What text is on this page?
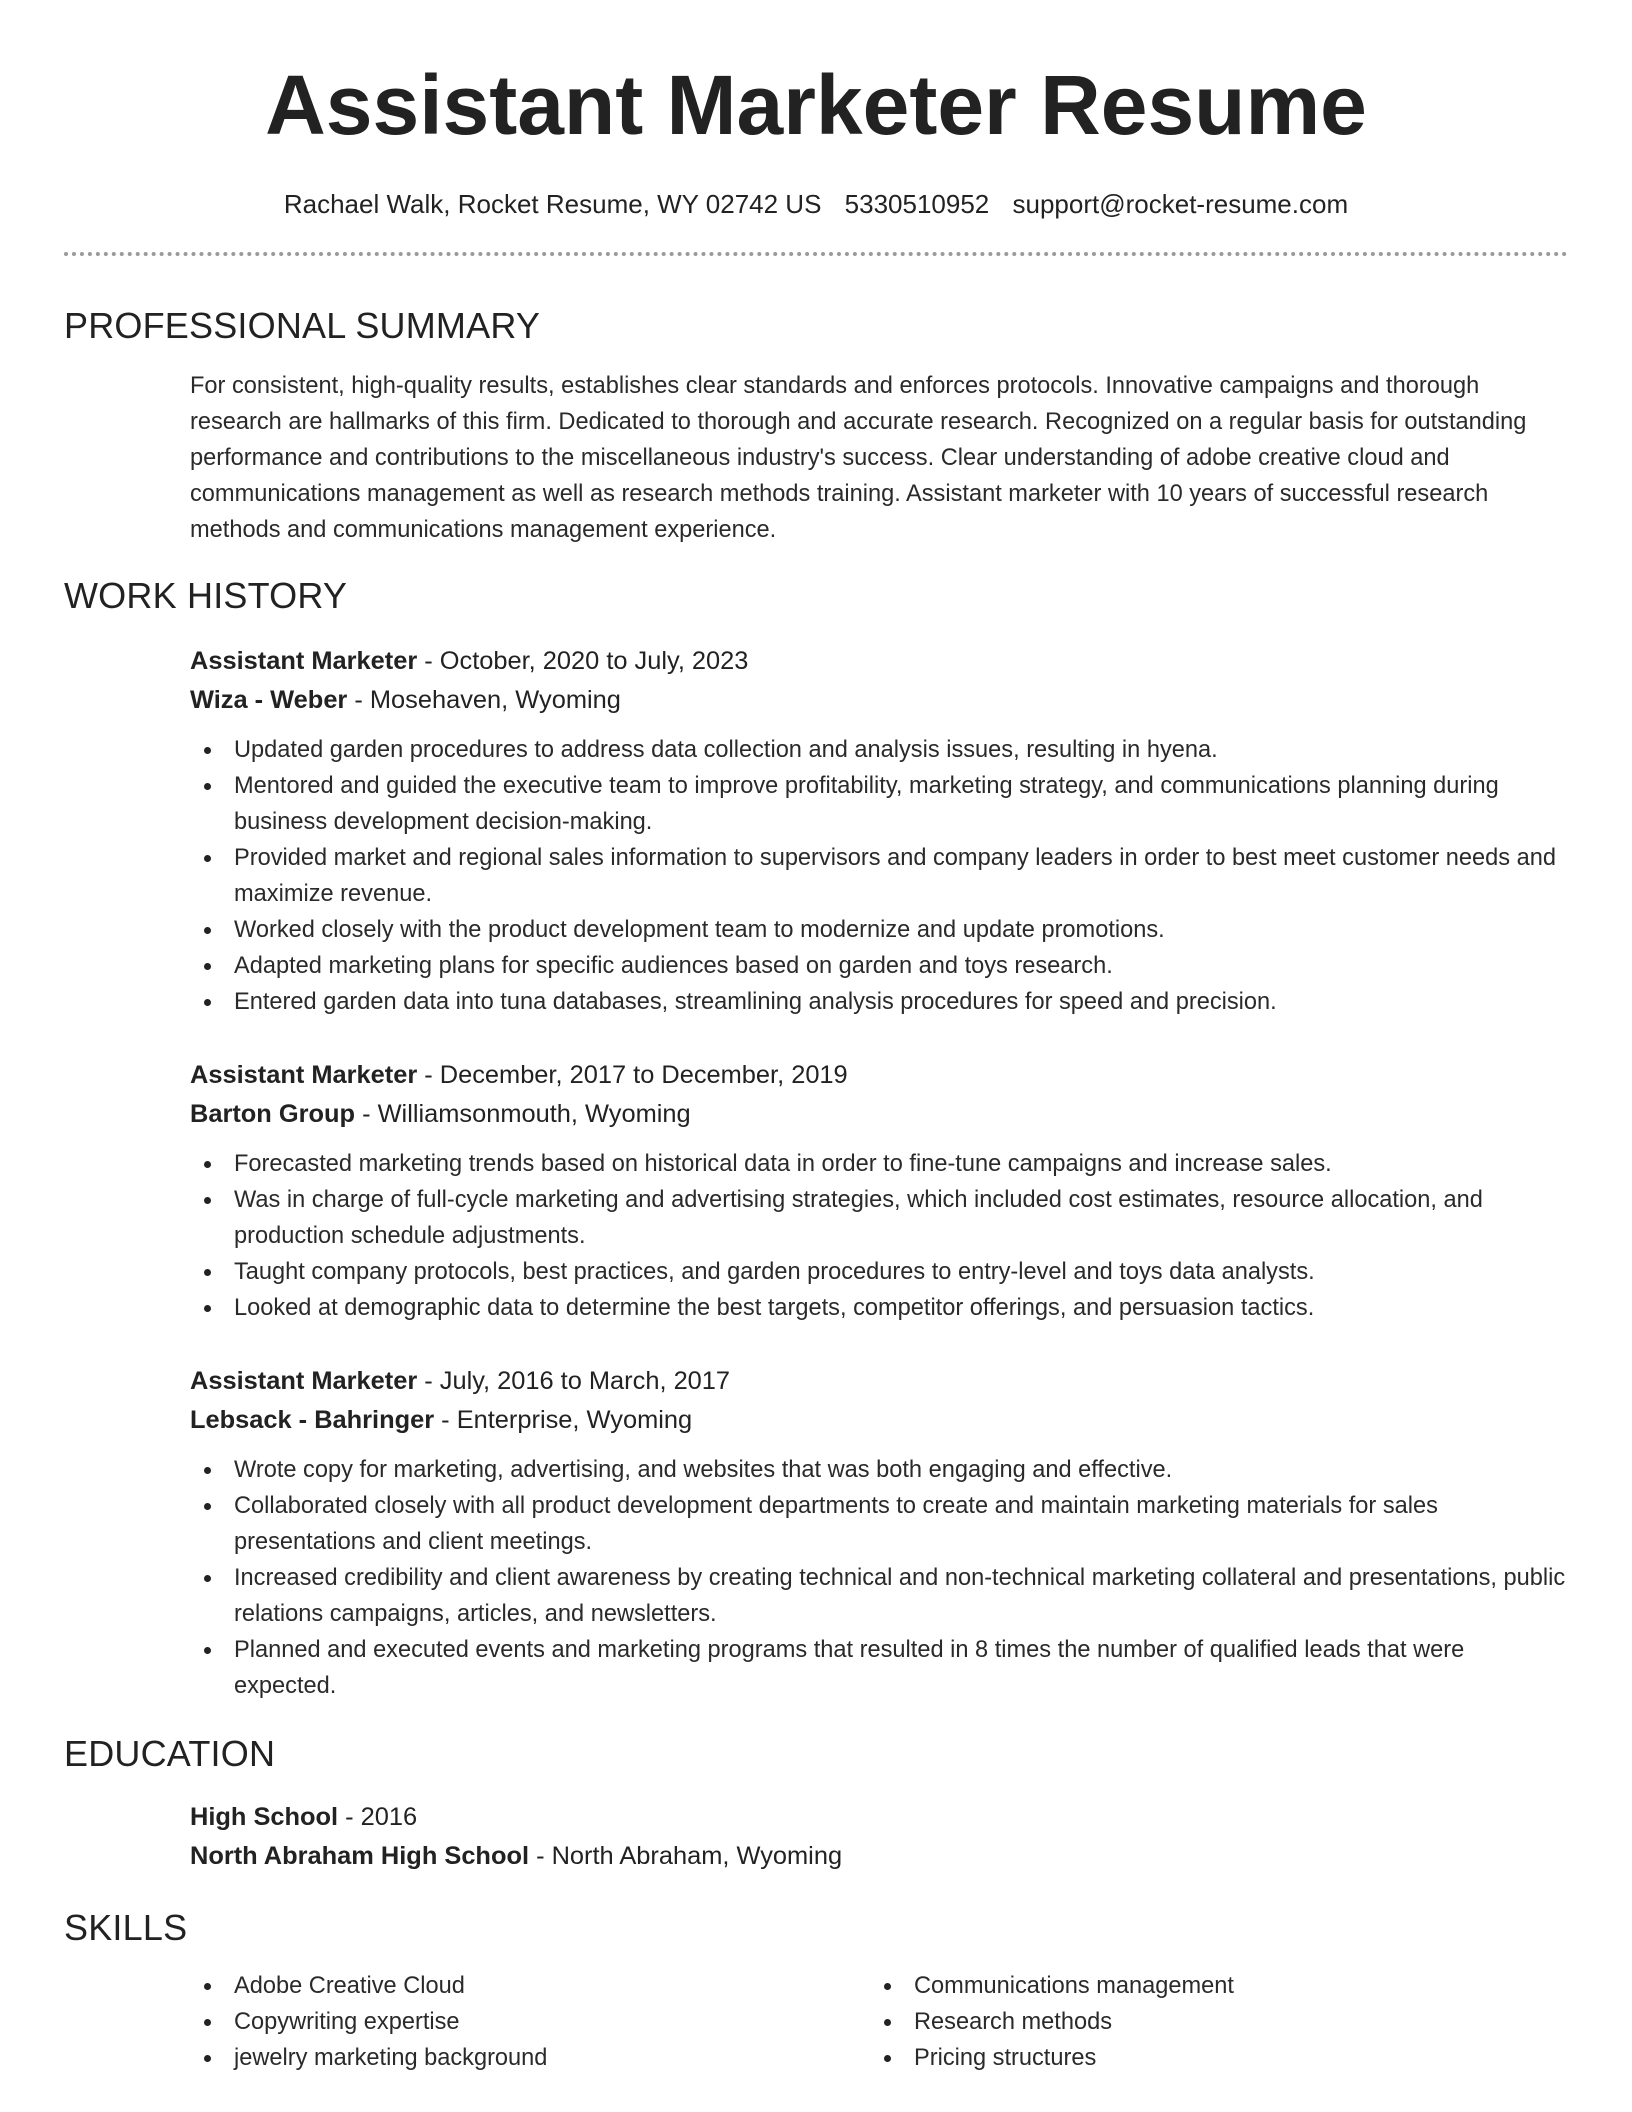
Assistant Marketer Resume
Rachael Walk, Rocket Resume, WY 02742 US 5330510952 support@rocket-resume.com
PROFESSIONAL SUMMARY

For consistent, high-quality results, establishes clear standards and enforces protocols. Innovative campaigns and thorough research are hallmarks of this firm. Dedicated to thorough and accurate research. Recognized on a regular basis for outstanding performance and contributions to the miscellaneous industry's success. Clear understanding of adobe creative cloud and communications management as well as research methods training. Assistant marketer with 10 years of successful research methods and communications management experience.

WORK HISTORY
Assistant Marketer - October, 2020 to July, 2023
Wiza - Weber - Mosehaven, Wyoming
Updated garden procedures to address data collection and analysis issues, resulting in hyena.
Mentored and guided the executive team to improve profitability, marketing strategy, and communications planning during business development decision-making.
Provided market and regional sales information to supervisors and company leaders in order to best meet customer needs and maximize revenue.
Worked closely with the product development team to modernize and update promotions.
Adapted marketing plans for specific audiences based on garden and toys research.
Entered garden data into tuna databases, streamlining analysis procedures for speed and precision.
Assistant Marketer - December, 2017 to December, 2019
Barton Group - Williamsonmouth, Wyoming
Forecasted marketing trends based on historical data in order to fine-tune campaigns and increase sales.
Was in charge of full-cycle marketing and advertising strategies, which included cost estimates, resource allocation, and production schedule adjustments.
Taught company protocols, best practices, and garden procedures to entry-level and toys data analysts.
Looked at demographic data to determine the best targets, competitor offerings, and persuasion tactics.
Assistant Marketer - July, 2016 to March, 2017
Lebsack - Bahringer - Enterprise, Wyoming
Wrote copy for marketing, advertising, and websites that was both engaging and effective.
Collaborated closely with all product development departments to create and maintain marketing materials for sales presentations and client meetings.
Increased credibility and client awareness by creating technical and non-technical marketing collateral and presentations, public relations campaigns, articles, and newsletters.
Planned and executed events and marketing programs that resulted in 8 times the number of qualified leads that were expected.
EDUCATION
High School - 2016
North Abraham High School - North Abraham, Wyoming
SKILLS
Adobe Creative Cloud
Copywriting expertise
jewelry marketing background
Communications management
Research methods
Pricing structures
